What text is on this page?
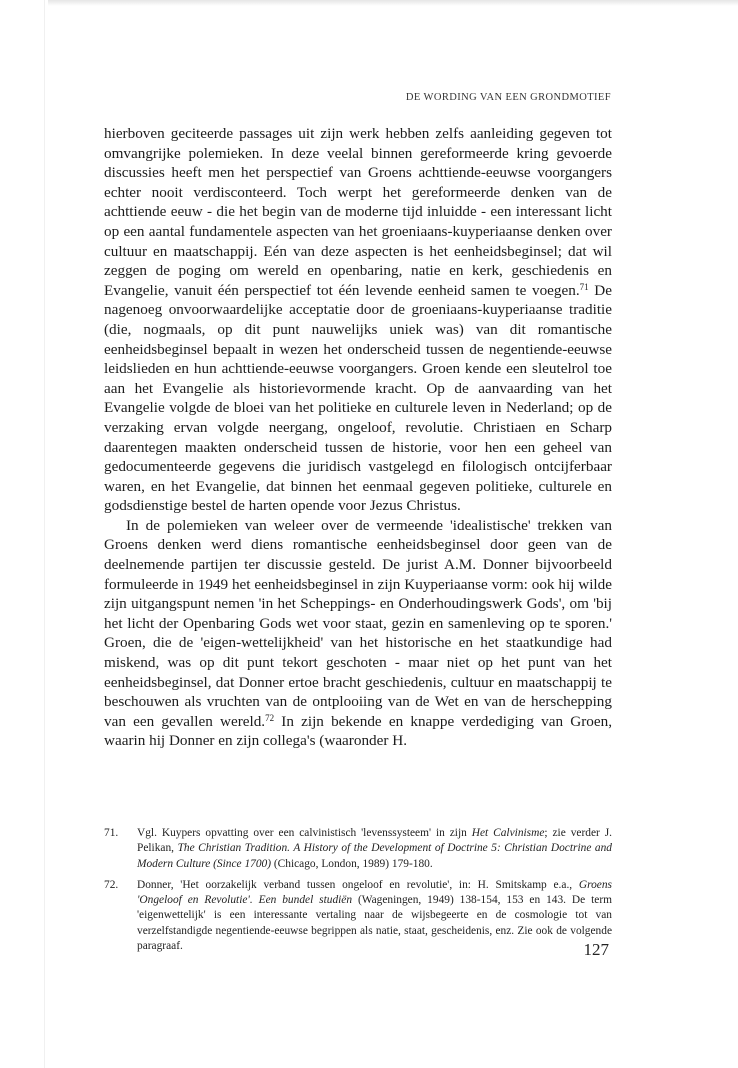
DE WORDING VAN EEN GRONDMOTIEF

hierboven geciteerde passages uit zijn werk hebben zelfs aanleiding gegeven tot omvangrijke polemieken. In deze veelal binnen gereformeerde kring gevoerde discussies heeft men het perspectief van Groens achttiende-eeuwse voorgangers echter nooit verdisconteerd. Toch werpt het gereformeerde denken van de achttiende eeuw - die het begin van de moderne tijd inluidde - een interessant licht op een aantal fundamentele aspecten van het groeniaans-kuyperiaanse denken over cultuur en maatschappij. Eén van deze aspecten is het eenheidsbeginsel; dat wil zeggen de poging om wereld en openbaring, natie en kerk, geschiedenis en Evangelie, vanuit één perspectief tot één levende eenheid samen te voegen.$^{71}$ De nagenoeg onvoorwaardelijke acceptatie door de groeniaans-kuyperiaanse traditie (die, nogmaals, op dit punt nauwelijks uniek was) van dit romantische eenheidsbeginsel bepaalt in wezen het onderscheid tussen de negentiende-eeuwse leidslieden en hun achttiende-eeuwse voorgangers. Groen kende een sleutelrol toe aan het Evangelie als historievormende kracht. Op de aanvaarding van het Evangelie volgde de bloei van het politieke en culturele leven in Nederland; op de verzaking ervan volgde neergang, ongeloof, revolutie. Christiaen en Scharp daarentegen maakten onderscheid tussen de historie, voor hen een geheel van gedocumenteerde gegevens die juridisch vastgelegd en filologisch ontcijferbaar waren, en het Evangelie, dat binnen het eenmaal gegeven politieke, culturele en godsdienstige bestel de harten opende voor Jezus Christus.

In de polemieken van weleer over de vermeende 'idealistische' trekken van Groens denken werd diens romantische eenheidsbeginsel door geen van de deelnemende partijen ter discussie gesteld. De jurist A.M. Donner bijvoorbeeld formuleerde in 1949 het eenheidsbeginsel in zijn Kuyperiaanse vorm: ook hij wilde zijn uitgangspunt nemen 'in het Scheppings- en Onderhoudingswerk Gods', om 'bij het licht der Openbaring Gods wet voor staat, gezin en samenleving op te sporen.' Groen, die de 'eigen-wettelijkheid' van het historische en het staatkundige had miskend, was op dit punt tekort geschoten - maar niet op het punt van het eenheidsbeginsel, dat Donner ertoe bracht geschiedenis, cultuur en maatschappij te beschouwen als vruchten van de ontplooiing van de Wet en van de herschepping van een gevallen wereld.$^{72}$ In zijn bekende en knappe verdediging van Groen, waarin hij Donner en zijn collega's (waaronder H.

71. Vgl. Kuypers opvatting over een calvinistisch 'levenssysteem' in zijn Het Calvinisme; zie verder J. Pelikan, The Christian Tradition. A History of the Development of Doctrine 5: Christian Doctrine and Modern Culture (Since 1700) (Chicago, London, 1989) 179-180.
72. Donner, 'Het oorzakelijk verband tussen ongeloof en revolutie', in: H. Smitskamp e.a., Groens 'Ongeloof en Revolutie'. Een bundel studiën (Wageningen, 1949) 138-154, 153 en 143. De term 'eigenwettelijk' is een interessante vertaling naar de wijsbegeerte en de cosmologie tot van verzelfstandigde negentiende-eeuwse begrippen als natie, staat, gescheidenis, enz. Zie ook de volgende paragraaf.	127
